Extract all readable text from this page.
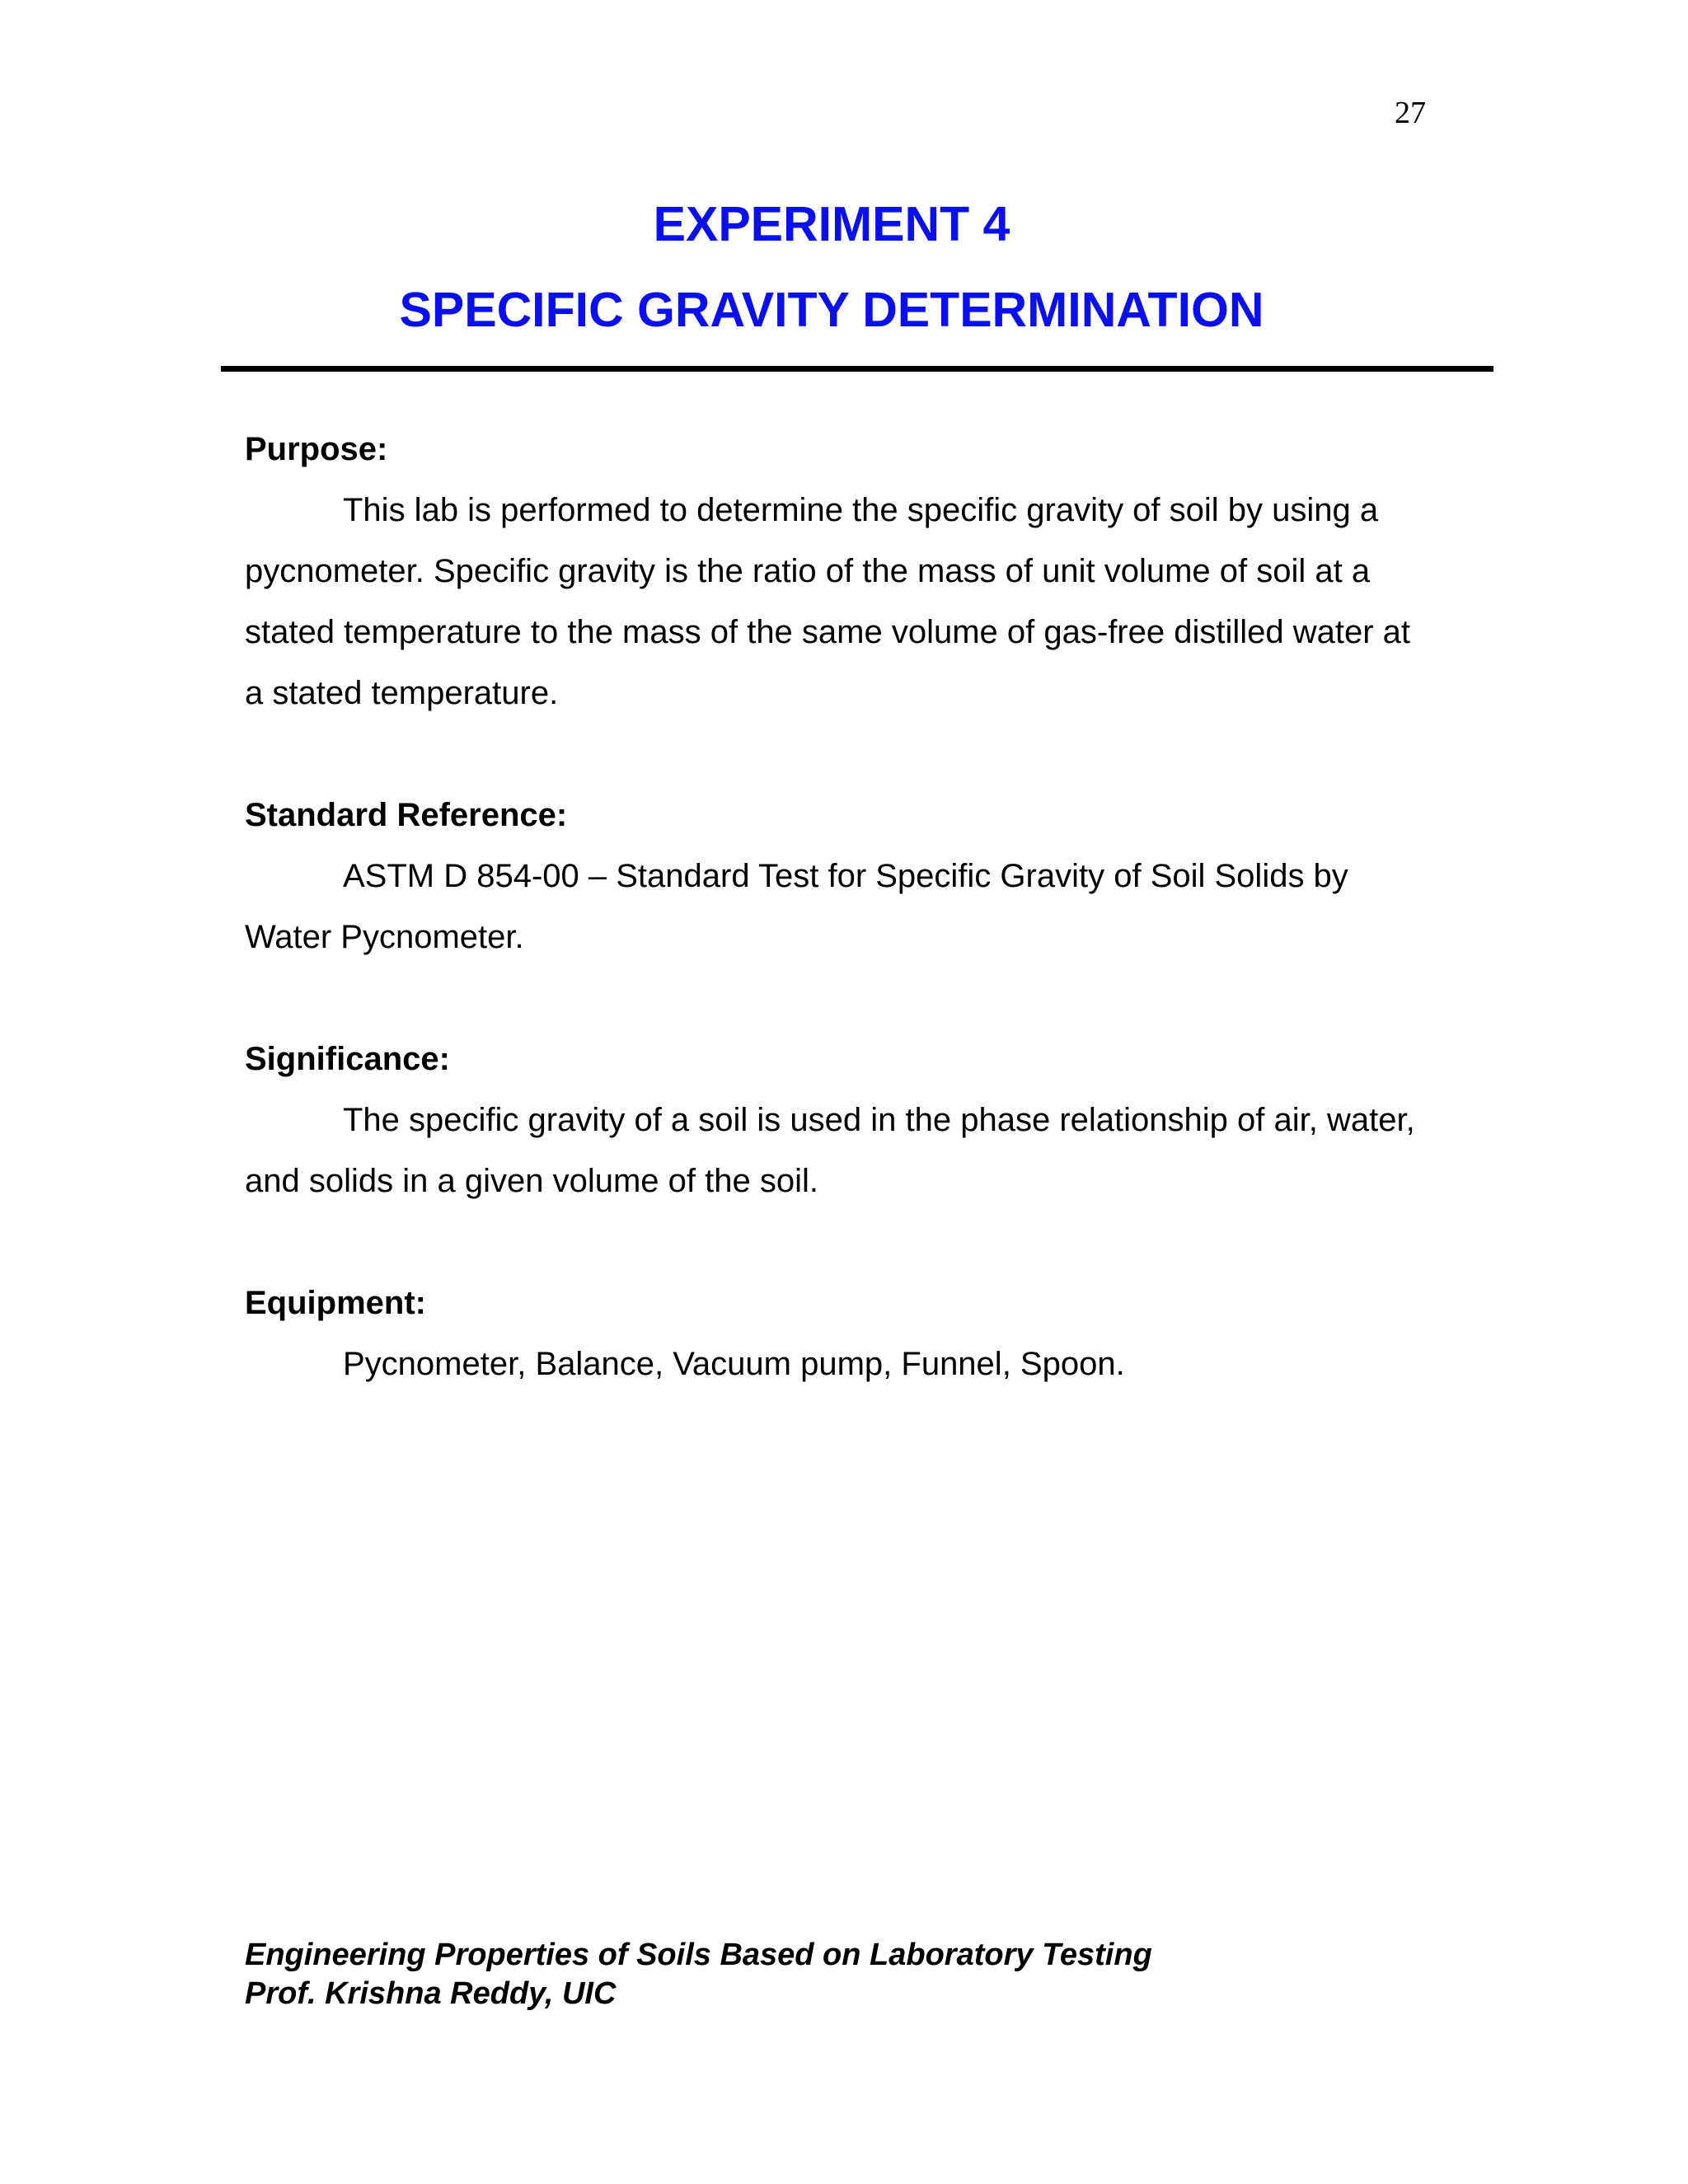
27
EXPERIMENT 4
SPECIFIC GRAVITY DETERMINATION

Purpose:

This lab is performed to determine the specific gravity of soil by using a pycnometer. Specific gravity is the ratio of the mass of unit volume of soil at a stated temperature to the mass of the same volume of gas-free distilled water at a stated temperature.

Standard Reference:

ASTM D 854-00 – Standard Test for Specific Gravity of Soil Solids by Water Pycnometer.

Significance:

The specific gravity of a soil is used in the phase relationship of air, water, and solids in a given volume of the soil.

Equipment:

Pycnometer, Balance, Vacuum pump, Funnel, Spoon.

Engineering Properties of Soils Based on Laboratory Testing
Prof. Krishna Reddy, UIC
